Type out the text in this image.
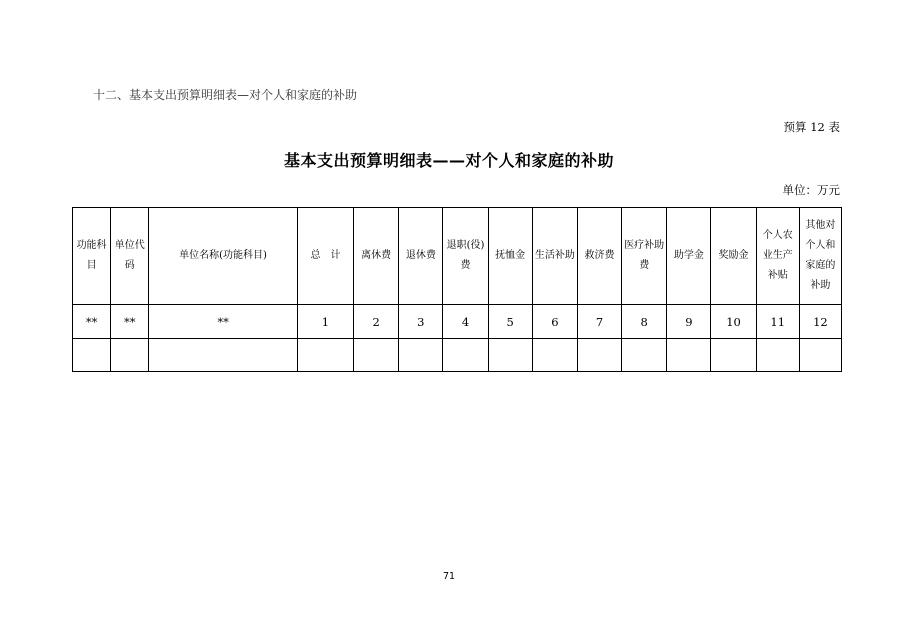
十二、基本支出预算明细表—对个人和家庭的补助
预算 12 表
基本支出预算明细表——对个人和家庭的补助
单位：万元
功能科目	单位代码	单位名称(功能科目)	总　计	离休费	退休费	退职(役)费	抚恤金	生活补助	救济费	医疗补助费	助学金	奖励金	个人农业生产补贴	其他对个人和家庭的补助
**	**	**	1	2	3	4	5	6	7	8	9	10	11	12

71
